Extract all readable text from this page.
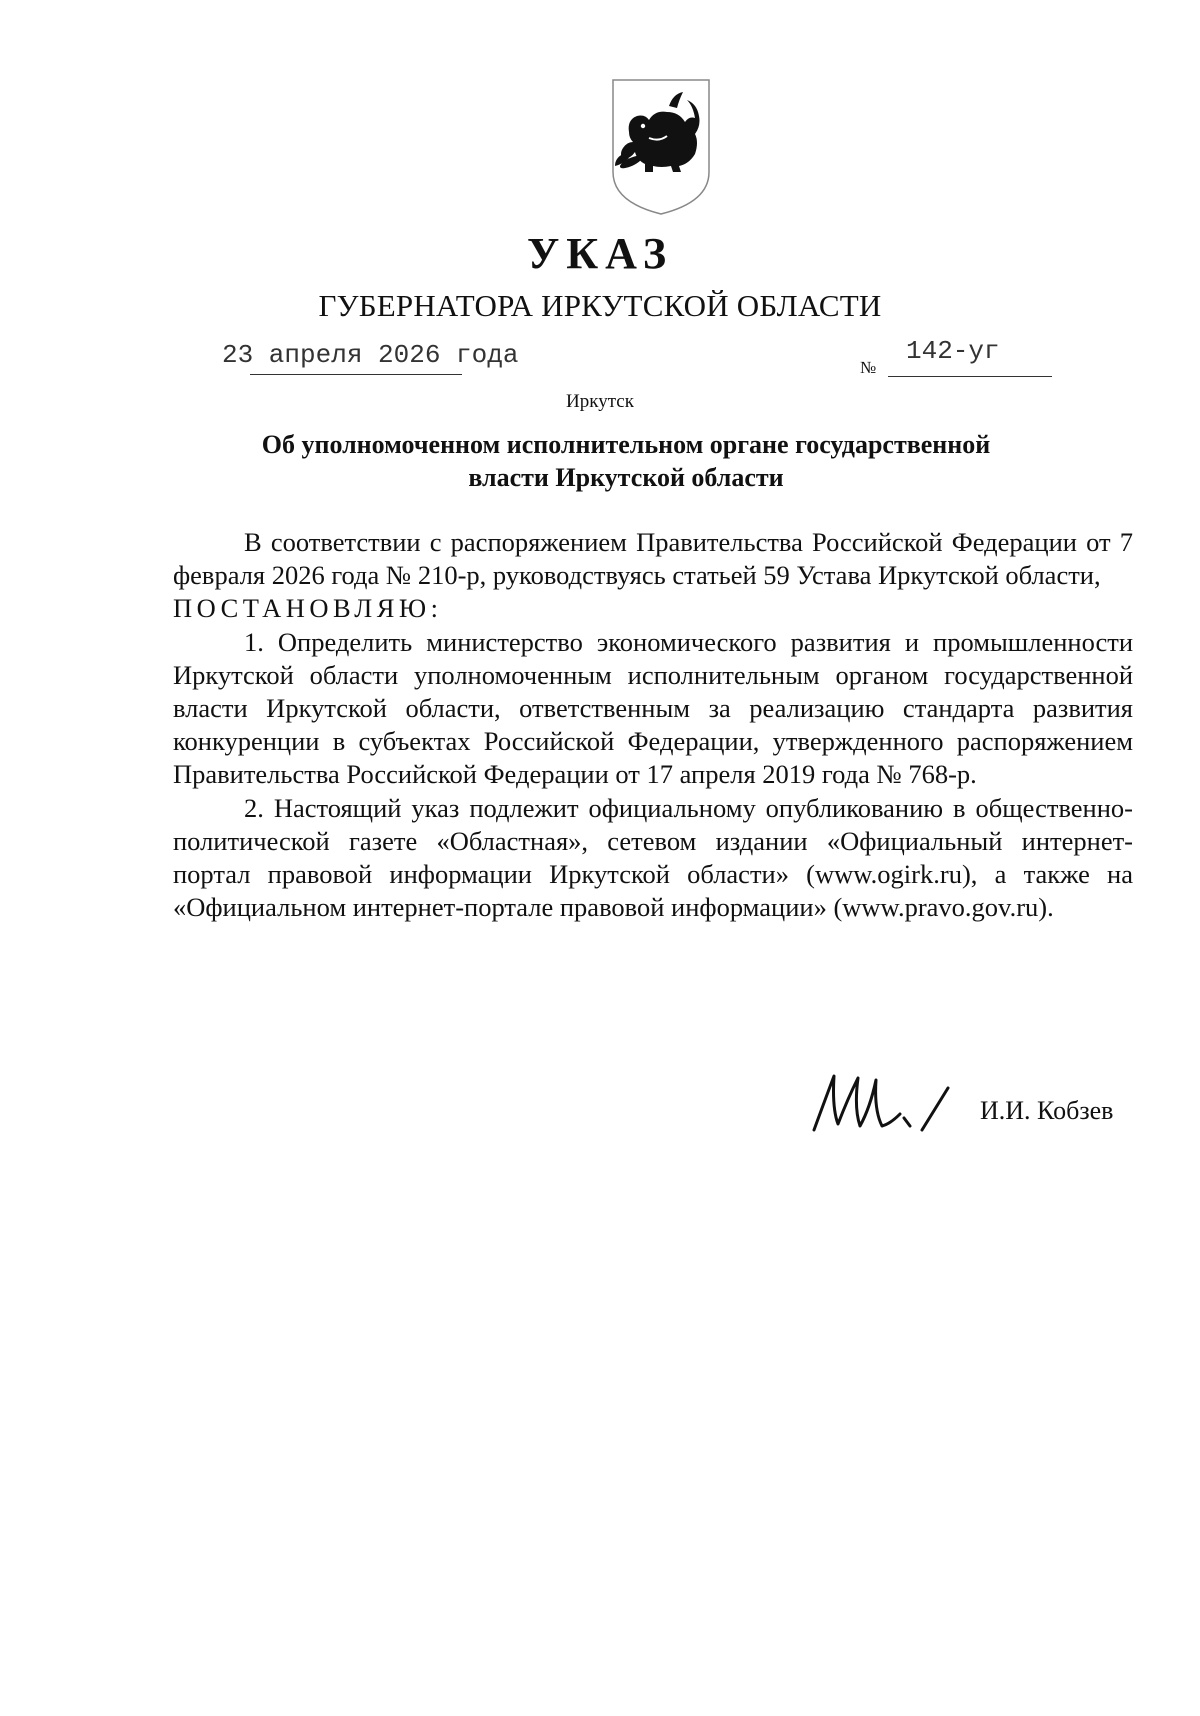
УКАЗ
ГУБЕРНАТОРА ИРКУТСКОЙ ОБЛАСТИ
23 апреля 2026 года	№
142-уг
Иркутск
Об уполномоченном исполнительном органе государственной
власти Иркутской области

В соответствии с распоряжением Правительства Российской Федерации от 7 февраля 2026 года № 210-р, руководствуясь статьей 59 Устава Иркутской области,

ПОСТАНОВЛЯЮ:

1. Определить министерство экономического развития и промышленности Иркутской области уполномоченным исполнительным органом государственной власти Иркутской области, ответственным за реализацию стандарта развития конкуренции в субъектах Российской Федерации, утвержденного распоряжением Правительства Российской Федерации от 17 апреля 2019 года № 768-р.

2. Настоящий указ подлежит официальному опубликованию в общественно-политической газете «Областная», сетевом издании «Официальный интернет-портал правовой информации Иркутской области» (www.ogirk.ru), а также на «Официальном интернет-портале правовой информации» (www.pravo.gov.ru).

И.И. Кобзев
